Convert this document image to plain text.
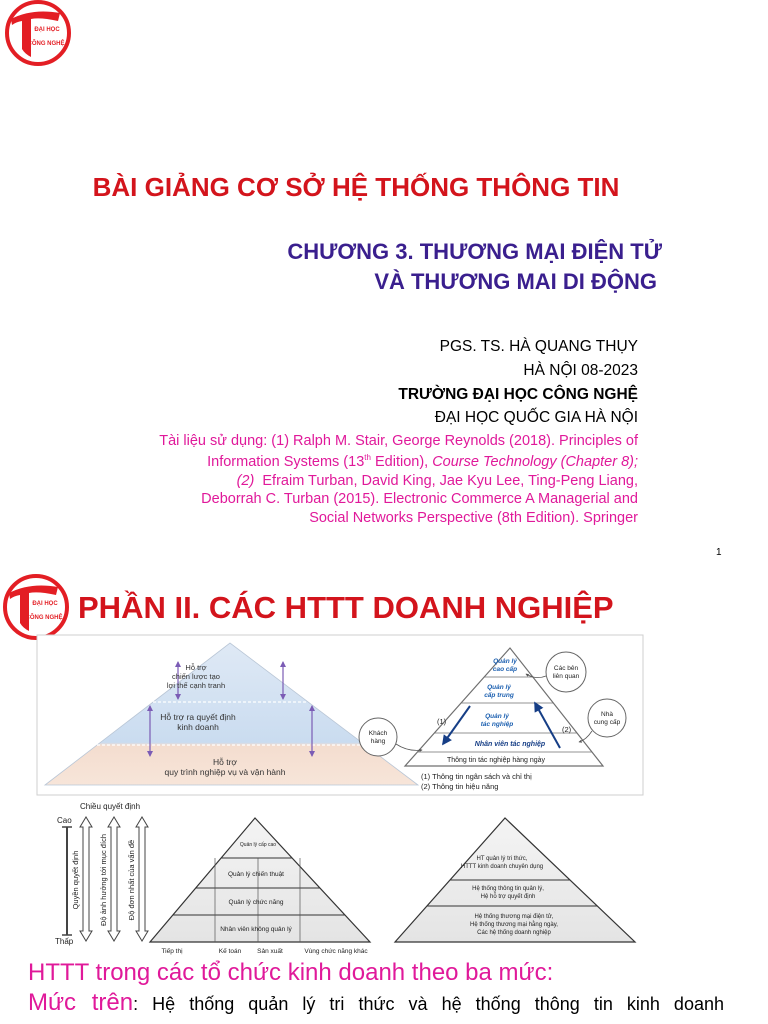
ĐẠI HỌC
CÔNG NGHỆ
BÀI GIẢNG CƠ SỞ HỆ THỐNG THÔNG TIN
CHƯƠNG 3. THƯƠNG MẠI ĐIỆN TỬ
VÀ THƯƠNG MAI DI ĐỘNG
PGS. TS. HÀ QUANG THỤY
HÀ NỘI 08-2023
TRƯỜNG ĐẠI HỌC CÔNG NGHỆ
ĐẠI HỌC QUỐC GIA HÀ NỘI
Tài liệu sử dụng: (1) Ralph M. Stair, George Reynolds (2018). Principles of
Information Systems (13th Edition), Course Technology (Chapter 8);
(2)  Efraim Turban, David King, Jae Kyu Lee, Ting-Peng Liang,
Deborrah C. Turban (2015). Electronic Commerce A Managerial and
Social Networks Perspective (8th Edition). Springer
1
ĐẠI HỌC
CÔNG NGHỆ PHẦN II. CÁC HTTT DOANH NGHIỆP
Hỗ trợ
chiến lược tạo
lợi thế cạnh tranh
Hỗ trợ ra quyết định
kinh doanh
Hỗ trợ
quy trình nghiệp vụ và vận hành
Quản lý
cao cấp
Quản lý
cấp trung
Quản lý
tác nghiệp
Nhân viên tác nghiệp
Thông tin tác nghiệp hàng ngày
(1)
(2)
Các bên
liên quan
Nhà
cung cấp
Khách
hàng
(1) Thông tin ngân sách và chỉ thị
(2) Thông tin hiệu năng
Chiều quyết định
Cao
Thấp
Quyền quyết định	Độ ảnh hưởng tới mục đích	Độ đơn nhất của vấn đề	Quản lý cấp cao
Quản lý chiến thuật
Quản lý chức năng
Nhân viên không quản lý
Tiếp thị	Kế toán Sản xuất	Vùng chức năng khác
HT quản lý tri thức,
HTTT kinh doanh chuyên dụng
Hệ thống thông tin quản lý,
Hệ hỗ trợ quyết định
Hệ thống thương mại điện tử,
Hệ thống thương mại hằng ngày,
Các hệ thống doanh nghiệp
HTTT trong các tổ chức kinh doanh theo ba mức:
Mức trên: Hệ thống quản lý tri thức và hệ thống thông tin kinh doanh
